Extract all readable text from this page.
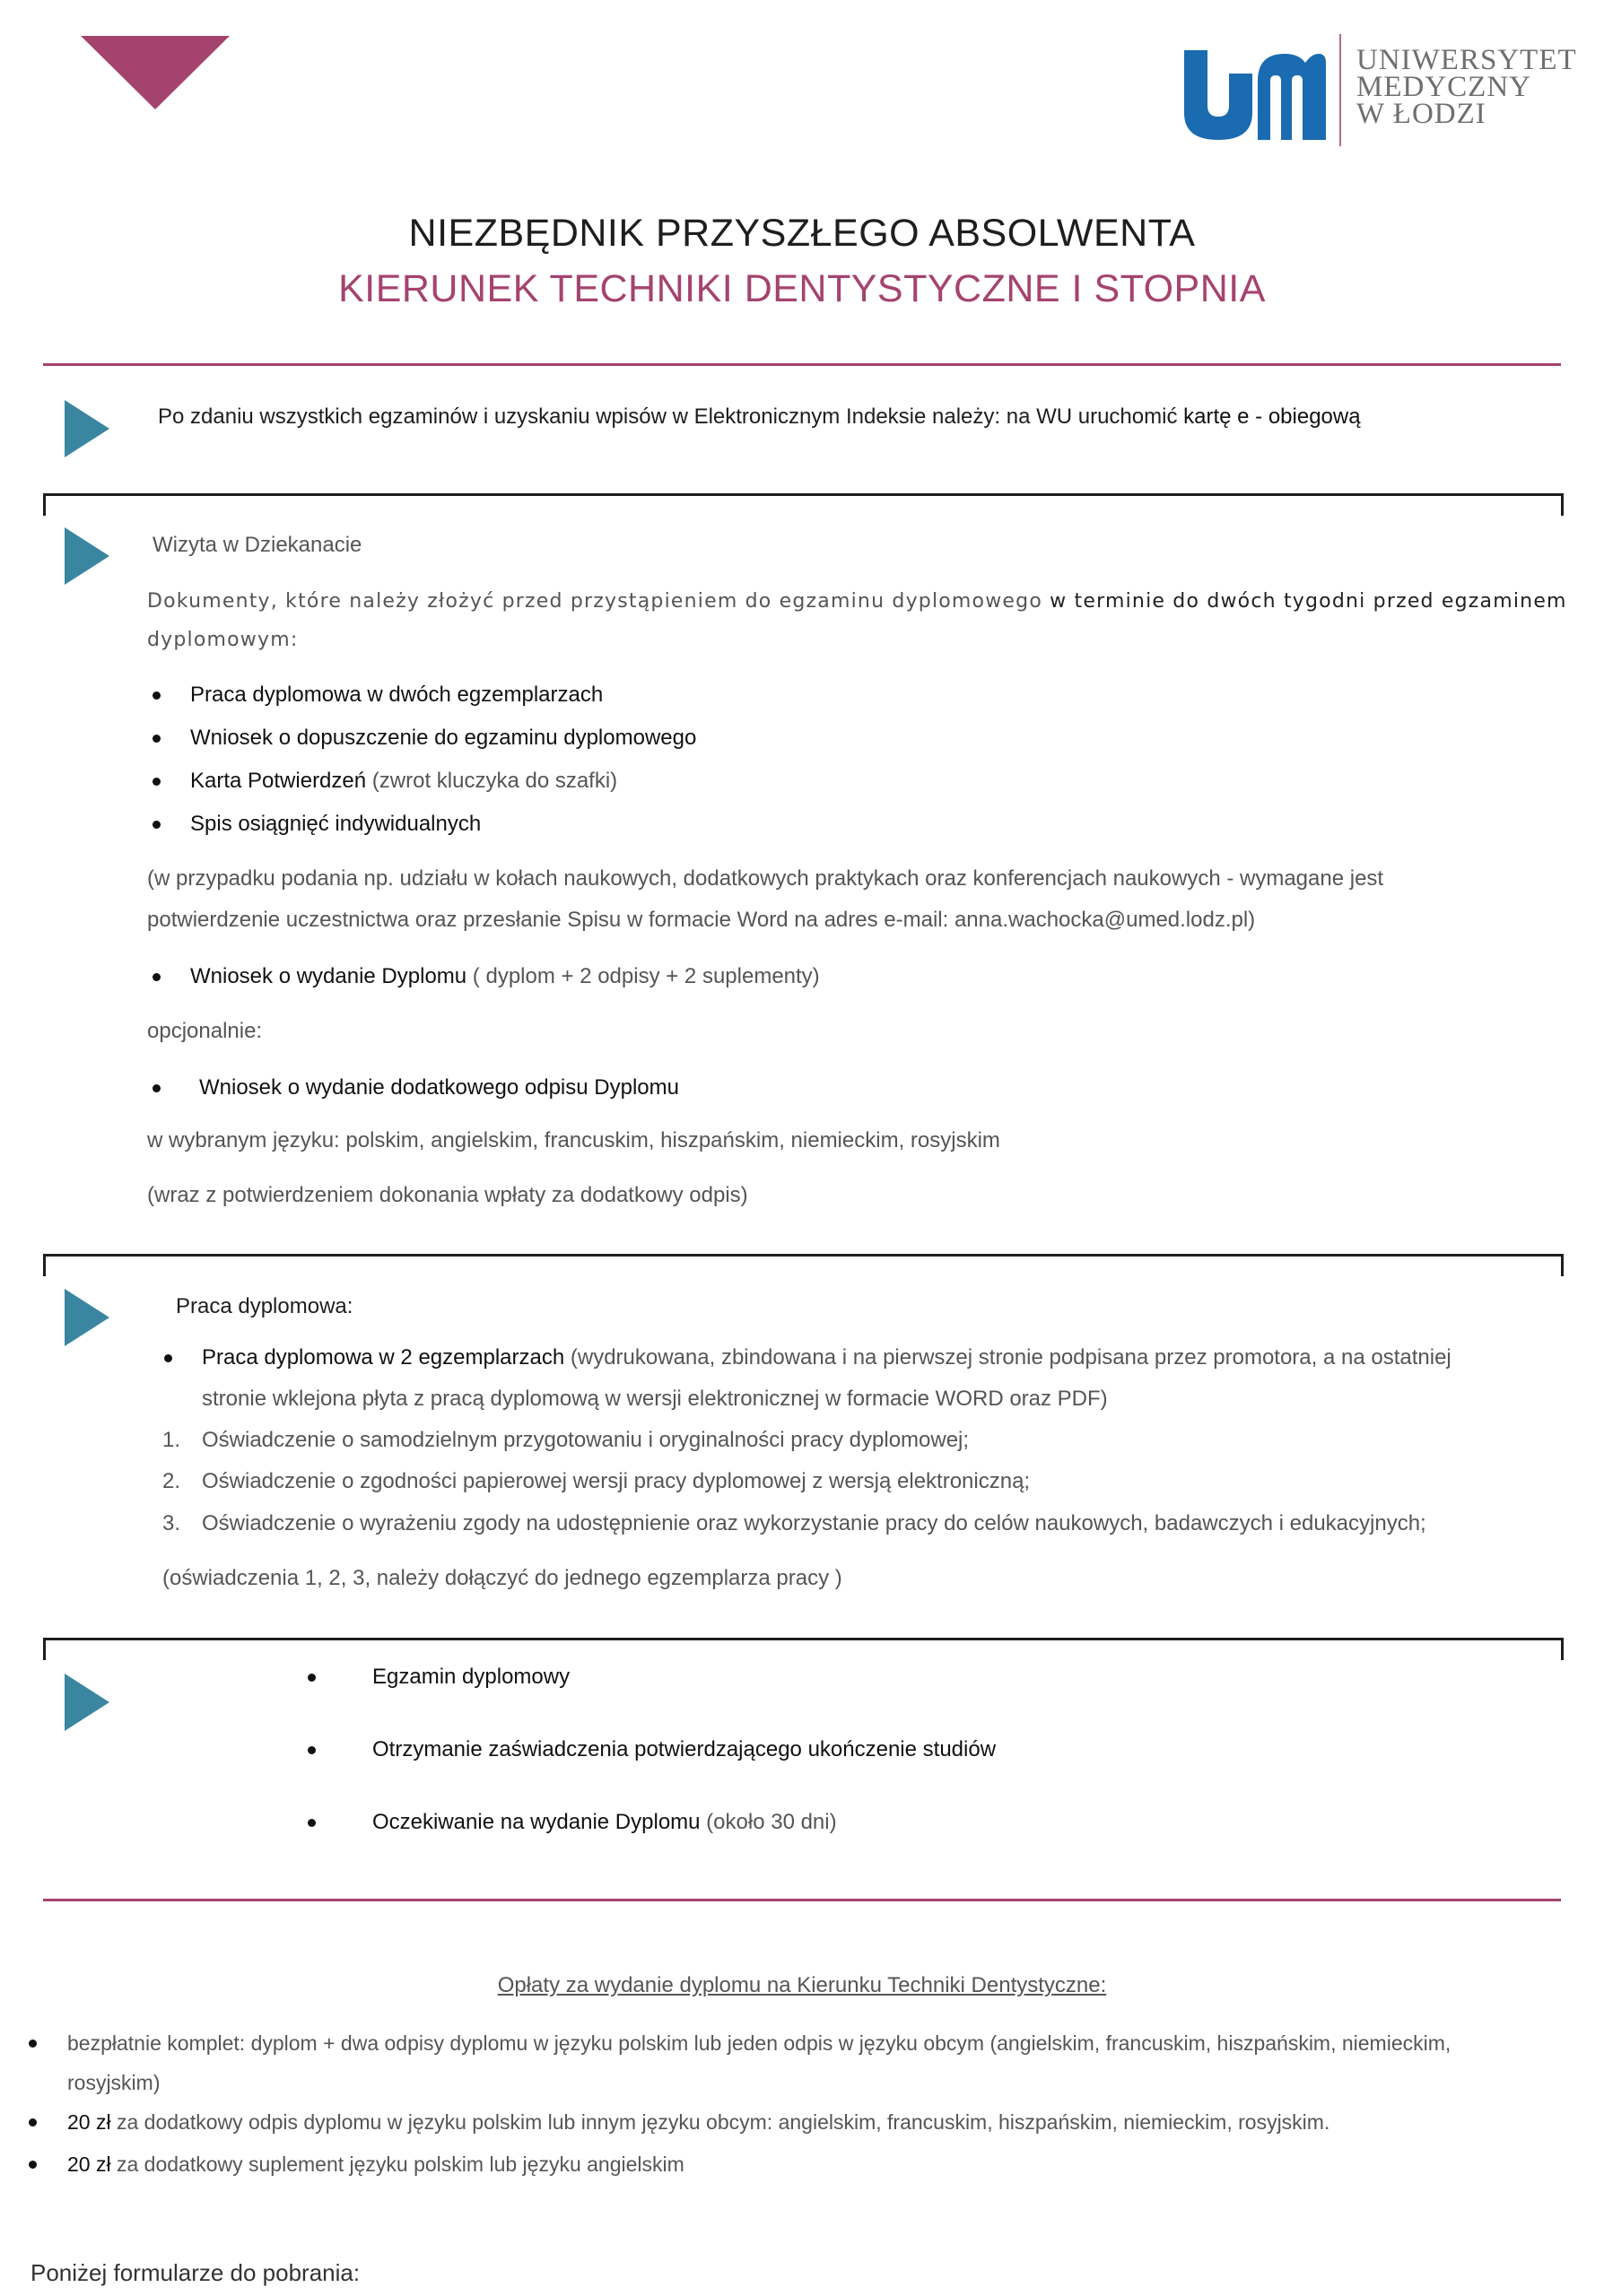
UNIWERSYTET
MEDYCZNY
W ŁODZI
NIEZBĘDNIK PRZYSZŁEGO ABSOLWENTA
KIERUNEK TECHNIKI DENTYSTYCZNE I STOPNIA
Po zdaniu wszystkich egzaminów i uzyskaniu wpisów w Elektronicznym Indeksie należy: na WU uruchomić kartę e - obiegową
Wizyta w Dziekanacie
Dokumenty, które należy złożyć przed przystąpieniem do egzaminu dyplomowego w terminie do dwóch tygodni przed egzaminem
dyplomowym:
Praca dyplomowa w dwóch egzemplarzach
Wniosek o dopuszczenie do egzaminu dyplomowego
Karta Potwierdzeń (zwrot kluczyka do szafki)
Spis osiągnięć indywidualnych
(w przypadku podania np. udziału w kołach naukowych, dodatkowych praktykach oraz konferencjach naukowych - wymagane jest
potwierdzenie uczestnictwa oraz przesłanie Spisu w formacie Word na adres e-mail: anna.wachocka@umed.lodz.pl)
Wniosek o wydanie Dyplomu ( dyplom + 2 odpisy + 2 suplementy)
opcjonalnie:
Wniosek o wydanie dodatkowego odpisu Dyplomu
w wybranym języku: polskim, angielskim, francuskim, hiszpańskim, niemieckim, rosyjskim
(wraz z potwierdzeniem dokonania wpłaty za dodatkowy odpis)
Praca dyplomowa:
Praca dyplomowa w 2 egzemplarzach (wydrukowana, zbindowana i na pierwszej stronie podpisana przez promotora, a na ostatniej
stronie wklejona płyta z pracą dyplomową w wersji elektronicznej w formacie WORD oraz PDF)
1. Oświadczenie o samodzielnym przygotowaniu i oryginalności pracy dyplomowej;
2. Oświadczenie o zgodności papierowej wersji pracy dyplomowej z wersją elektroniczną;
3. Oświadczenie o wyrażeniu zgody na udostępnienie oraz wykorzystanie pracy do celów naukowych, badawczych i edukacyjnych;
(oświadczenia 1, 2, 3, należy dołączyć do jednego egzemplarza pracy )
Egzamin dyplomowy
Otrzymanie zaświadczenia potwierdzającego ukończenie studiów
Oczekiwanie na wydanie Dyplomu (około 30 dni)
Opłaty za wydanie dyplomu na Kierunku Techniki Dentystyczne:
bezpłatnie komplet: dyplom + dwa odpisy dyplomu w języku polskim lub jeden odpis w języku obcym (angielskim, francuskim, hiszpańskim, niemieckim,
rosyjskim)
20 zł za dodatkowy odpis dyplomu w języku polskim lub innym języku obcym: angielskim, francuskim, hiszpańskim, niemieckim, rosyjskim.
20 zł za dodatkowy suplement języku polskim lub języku angielskim
Poniżej formularze do pobrania:
